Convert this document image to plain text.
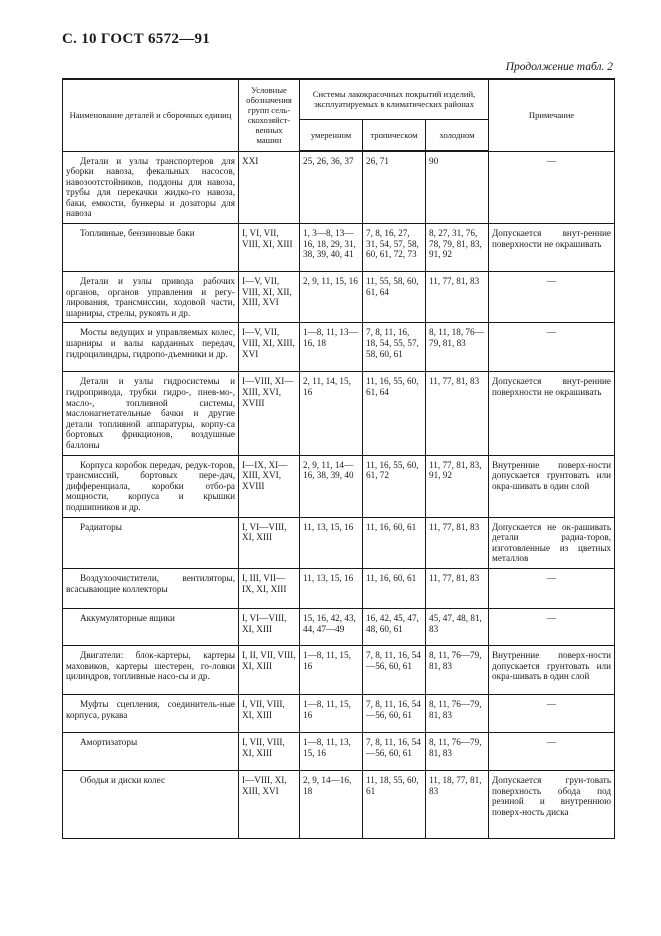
С. 10 ГОСТ 6572—91
Продолжение табл. 2
Наименование деталей и сборочных единиц	Условные обозначения групп сель-скохозяйст-венных машин	Системы лакокрасочных покрытий изделий, эксплуатируемых в климатических районах			Примечание
		умеренном	тропическом	холодном	
Детали и узлы транспортеров для уборки навоза, фекальных насосов, навозоотстойников, поддоны для навоза, трубы для перекачки жидко-го навоза, баки, емкости, бункеры и дозаторы для навоза	XXI	25, 26, 36, 37	26, 71	90	—
Топливные, бензиновые баки	I, VI, VII, VIII, XI, XIII	1, 3—8, 13—16, 18, 29, 31, 38, 39, 40, 41	7, 8, 16, 27, 31, 54, 57, 58, 60, 61, 72, 73	8, 27, 31, 76, 78, 79, 81, 83, 91, 92	Допускается внут-ренние поверхности не окрашивать
Детали и узлы привода рабочих органов, органов управления и регу-лирования, трансмиссии, ходовой части, шарниры, стрелы, рукоять и др.	I—V, VII, VIII, XI, XII, XIII, XVI	2, 9, 11, 15, 16	11, 55, 58, 60, 61, 64	11, 77, 81, 83	—
Мосты ведущих и управляемых колес, шарниры и валы карданных передач, гидроцилиндры, гидропо-дъемники и др.	I—V, VII, VIII, XI, XIII, XVI	1—8, 11, 13—16, 18	7, 8, 11, 16, 18, 54, 55, 57, 58, 60, 61	8, 11, 18, 76—79, 81, 83	—
Детали и узлы гидросистемы и гидропривода, трубки гидро-, пнев-мо-, масло-, топливной системы, маслонагнетательные бачки и другие детали топливной аппаратуры, корпу-са бортовых фрикционов, воздушные баллоны	I—VIII, XI—XIII, XVI, XVIII	2, 11, 14, 15, 16	11, 16, 55, 60, 61, 64	11, 77, 81, 83	Допускается внут-ренние поверхности не окрашивать
Корпуса коробок передач, редук-торов, трансмиссий, бортовых пере-дач, дифференциала, коробки отбо-ра мощности, корпуса и крышки подшипников и др.	I—IX, XI—XIII, XVI, XVIII	2, 9, 11, 14—16, 38, 39, 40	11, 16, 55, 60, 61, 72	11, 77, 81, 83, 91, 92	Внутренние поверх-ности допускается грунтовать или окра-шивать в один слой
Радиаторы	I, VI—VIII, XI, XIII	11, 13, 15, 16	11, 16, 60, 61	11, 77, 81, 83	Допускается не ок-рашивать детали радиа-торов, изготовленные из цветных металлов
Воздухоочистители, вентиляторы, всасывающие коллекторы	I, III, VII—IX, XI, XIII	11, 13, 15, 16	11, 16, 60, 61	11, 77, 81, 83	—
Аккумуляторные ящики	I, VI—VIII, XI, XIII	15, 16, 42, 43, 44, 47—49	16, 42, 45, 47, 48, 60, 61	45, 47, 48, 81, 83	—
Двигатели: блок-картеры, картеры маховиков, картеры шестерен, го-ловки цилиндров, топливные насо-сы и др.	I, II, VII, VIII, XI, XIII	1—8, 11, 15, 16	7, 8, 11, 16, 54—56, 60, 61	8, 11, 76—79, 81, 83	Внутренние поверх-ности допускается грунтовать или окра-шивать в один слой
Муфты сцепления, соединитель-ные корпуса, рукава	I, VII, VIII, XI, XIII	1—8, 11, 15, 16	7, 8, 11, 16, 54—56, 60, 61	8, 11, 76—79, 81, 83	—
Амортизаторы	I, VII, VIII, XI, XIII	1—8, 11, 13, 15, 16	7, 8, 11, 16, 54—56, 60, 61	8, 11, 76—79, 81, 83	—
Ободья и диски колес	I—VIII, XI, XIII, XVI	2, 9, 14—16, 18	11, 18, 55, 60, 61	11, 18, 77, 81, 83	Допускается грун-товать поверхность обода под резиной и внутреннюю поверх-ность диска
